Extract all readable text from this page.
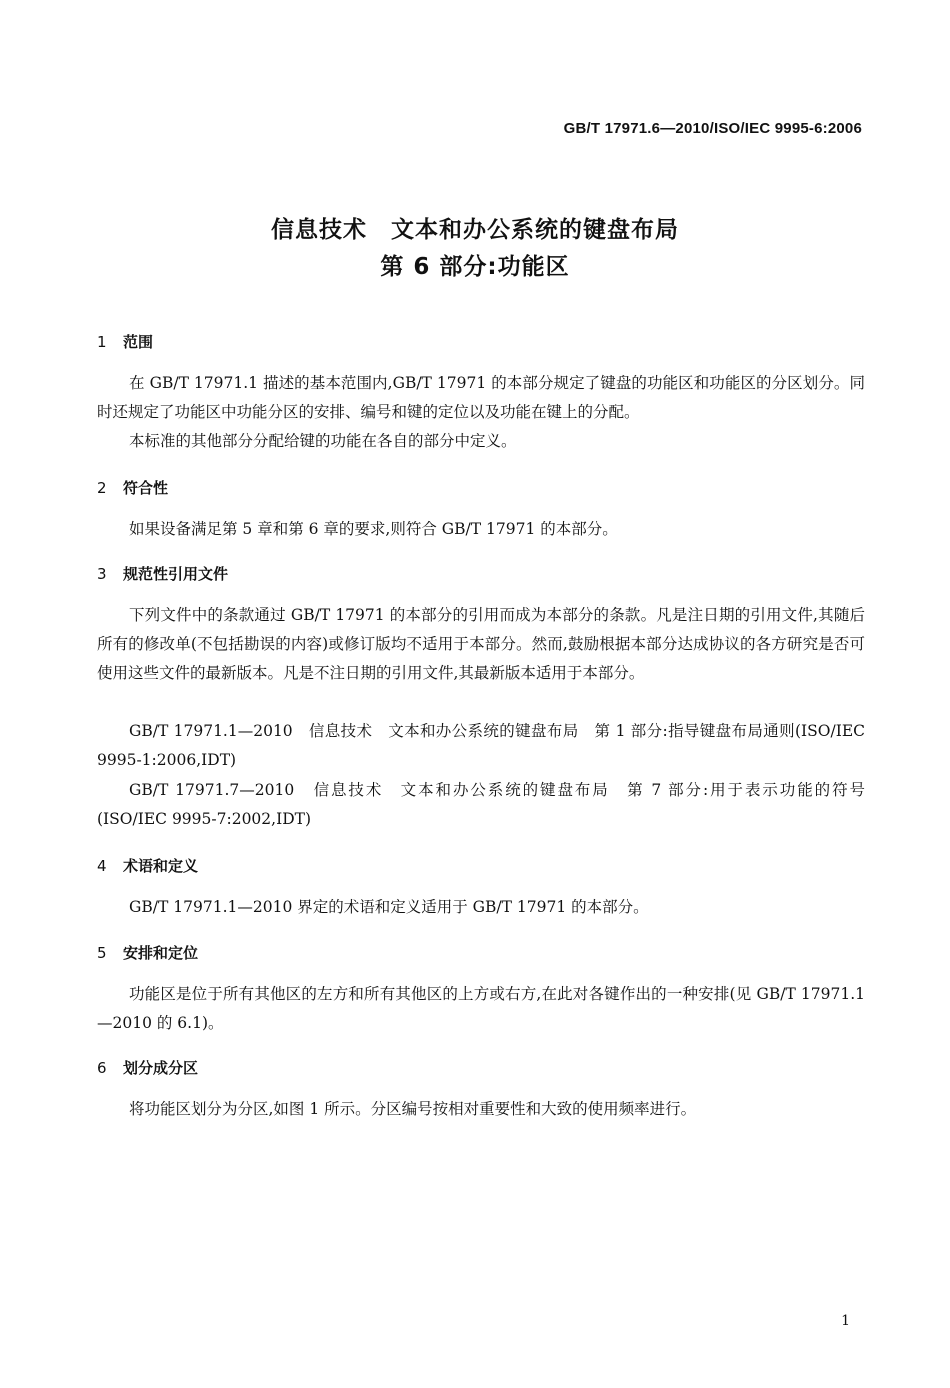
GB/T 17971.6—2010/ISO/IEC 9995-6:2006
信息技术　文本和办公系统的键盘布局
第 6 部分:功能区
1 范围

在 GB/T 17971.1 描述的基本范围内,GB/T 17971 的本部分规定了键盘的功能区和功能区的分区划分。同时还规定了功能区中功能分区的安排、编号和键的定位以及功能在键上的分配。

本标准的其他部分分配给键的功能在各自的部分中定义。

2 符合性

如果设备满足第 5 章和第 6 章的要求,则符合 GB/T 17971 的本部分。

3 规范性引用文件

下列文件中的条款通过 GB/T 17971 的本部分的引用而成为本部分的条款。凡是注日期的引用文件,其随后所有的修改单(不包括勘误的内容)或修订版均不适用于本部分。然而,鼓励根据本部分达成协议的各方研究是否可使用这些文件的最新版本。凡是不注日期的引用文件,其最新版本适用于本部分。

GB/T 17971.1—2010　信息技术　文本和办公系统的键盘布局　第 1 部分:指导键盘布局通则(ISO/IEC 9995-1:2006,IDT)

GB/T 17971.7—2010　信息技术　文本和办公系统的键盘布局　第 7 部分:用于表示功能的符号(ISO/IEC 9995-7:2002,IDT)

4 术语和定义

GB/T 17971.1—2010 界定的术语和定义适用于 GB/T 17971 的本部分。

5 安排和定位

功能区是位于所有其他区的左方和所有其他区的上方或右方,在此对各键作出的一种安排(见 GB/T 17971.1—2010 的 6.1)。

6 划分成分区

将功能区划分为分区,如图 1 所示。分区编号按相对重要性和大致的使用频率进行。

1
